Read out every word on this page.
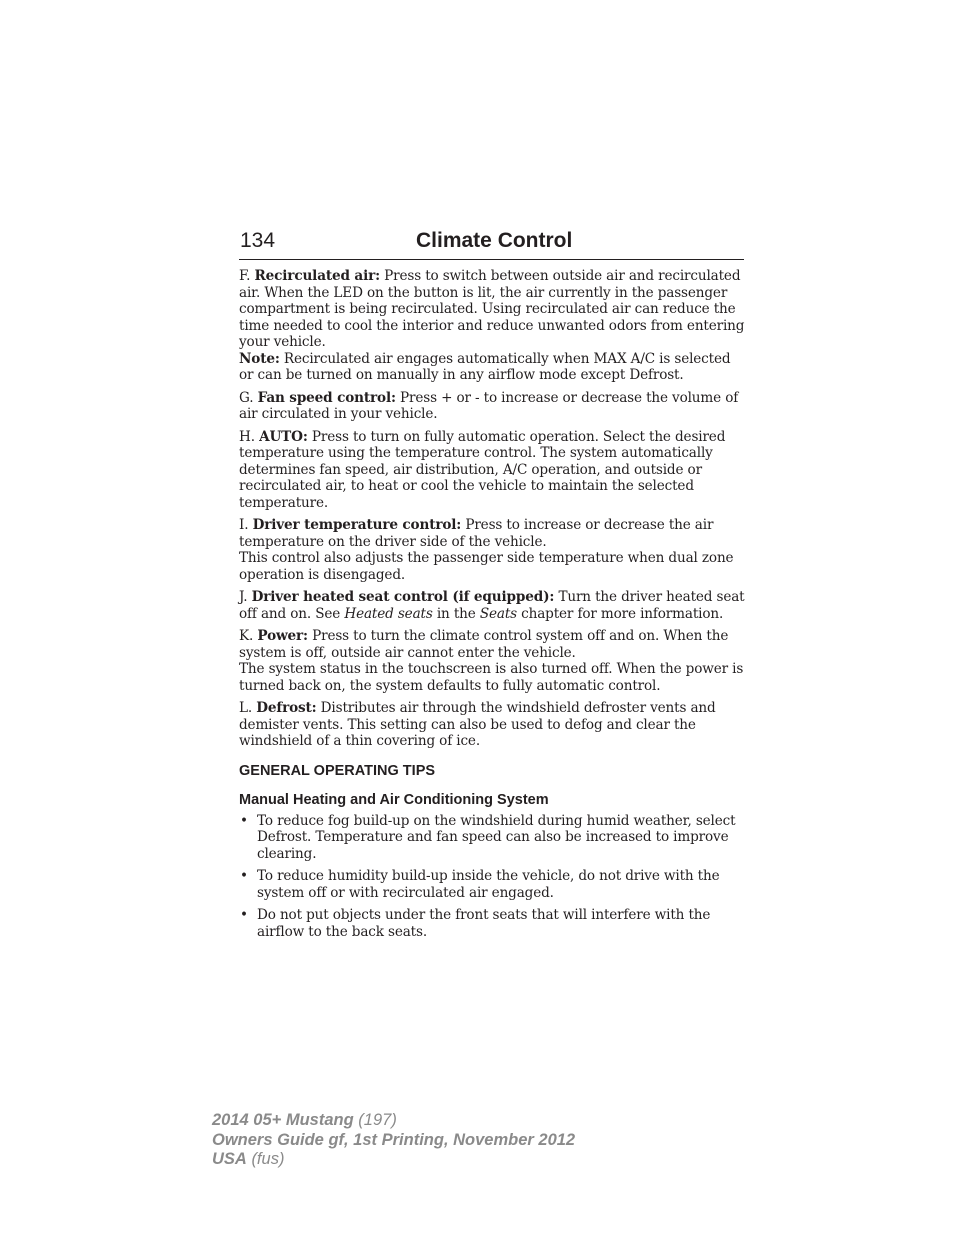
134	Climate Control

F. Recirculated air: Press to switch between outside air and recirculated air. When the LED on the button is lit, the air currently in the passenger compartment is being recirculated. Using recirculated air can reduce the time needed to cool the interior and reduce unwanted odors from entering your vehicle.

Note: Recirculated air engages automatically when MAX A/C is selected or can be turned on manually in any airflow mode except Defrost.

G. Fan speed control: Press + or - to increase or decrease the volume of air circulated in your vehicle.

H. AUTO: Press to turn on fully automatic operation. Select the desired temperature using the temperature control. The system automatically determines fan speed, air distribution, A/C operation, and outside or recirculated air, to heat or cool the vehicle to maintain the selected temperature.

I. Driver temperature control: Press to increase or decrease the air temperature on the driver side of the vehicle.

This control also adjusts the passenger side temperature when dual zone operation is disengaged.

J. Driver heated seat control (if equipped): Turn the driver heated seat off and on. See Heated seats in the Seats chapter for more information.

K. Power: Press to turn the climate control system off and on. When the system is off, outside air cannot enter the vehicle.

The system status in the touchscreen is also turned off. When the power is turned back on, the system defaults to fully automatic control.

L. Defrost: Distributes air through the windshield defroster vents and demister vents. This setting can also be used to defog and clear the windshield of a thin covering of ice.

GENERAL OPERATING TIPS
Manual Heating and Air Conditioning System
• To reduce fog build-up on the windshield during humid weather, select Defrost. Temperature and fan speed can also be increased to improve clearing.
• To reduce humidity build-up inside the vehicle, do not drive with the system off or with recirculated air engaged.
• Do not put objects under the front seats that will interfere with the airflow to the back seats.
2014 05+ Mustang (197)
Owners Guide gf, 1st Printing, November 2012
USA (fus)
